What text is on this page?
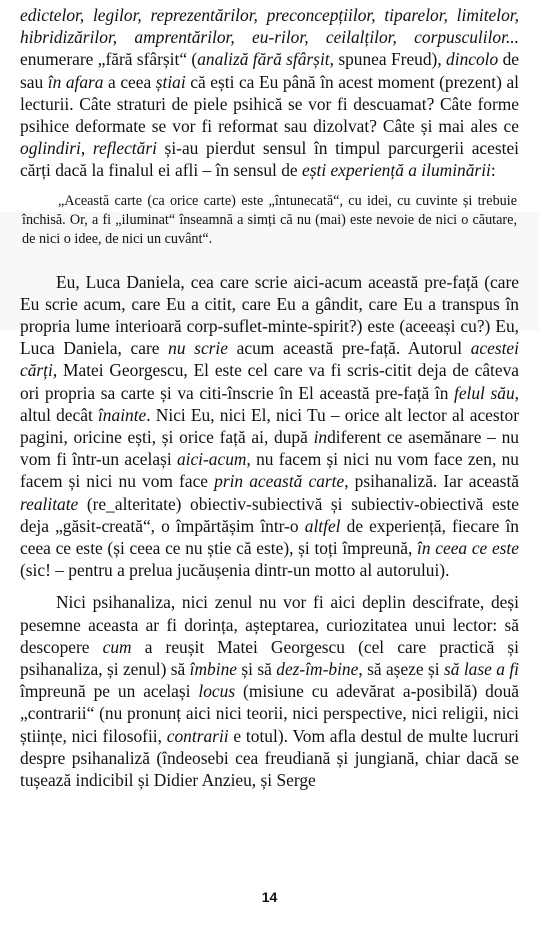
edictelor, legilor, reprezentărilor, preconcepțiilor, tiparelor, limitelor, hibridizărilor, amprentărilor, eu-rilor, ceilalților, corpusculilor... enumerare „fără sfârșit“ (analiză fără sfârșit, spunea Freud), dincolo de sau în afara a ceea știai că ești ca Eu până în acest moment (prezent) al lecturii. Câte straturi de piele psihică se vor fi descuamat? Câte forme psihice deformate se vor fi reformat sau dizolvat? Câte și mai ales ce oglindiri, reflectări și-au pierdut sensul în timpul parcurgerii acestei cărți dacă la finalul ei afli – în sensul de ești experiență a iluminării:

„Această carte (ca orice carte) este „întunecată“, cu idei, cu cuvinte și trebuie închisă. Or, a fi „iluminat“ înseamnă a simți că nu (mai) este nevoie de nici o căutare, de nici o idee, de nici un cuvânt“.

Eu, Luca Daniela, cea care scrie aici-acum această pre-față (care Eu scrie acum, care Eu a citit, care Eu a gândit, care Eu a transpus în propria lume interioară corp-suflet-minte-spirit?) este (aceeași cu?) Eu, Luca Daniela, care nu scrie acum această pre-față. Autorul acestei cărți, Matei Georgescu, El este cel care va fi scris-citit deja de câteva ori propria sa carte și va citi-înscrie în El această pre-față în felul său, altul decât înainte. Nici Eu, nici El, nici Tu – orice alt lector al acestor pagini, oricine ești, și orice față ai, după indiferent ce asemănare – nu vom fi într-un același aici-acum, nu facem și nici nu vom face zen, nu facem și nici nu vom face prin această carte, psihanaliză. Iar această realitate (re_alteritate) obiectiv-subiectivă și subiectiv-obiectivă este deja „găsit-creată“, o împărtășim într-o altfel de experiență, fiecare în ceea ce este (și ceea ce nu știe că este), și toți împreună, în ceea ce este (sic! – pentru a prelua jucăușenia dintr-un motto al autorului).

Nici psihanaliza, nici zenul nu vor fi aici deplin descifrate, deși pesemne aceasta ar fi dorința, așteptarea, curiozitatea unui lector: să descopere cum a reușit Matei Georgescu (cel care practică și psihanaliza, și zenul) să îmbine și să dez-îm-bine, să așeze și să lase a fi împreună pe un același locus (misiune cu adevărat a-posibilă) două „contrarii“ (nu pronunț aici nici teorii, nici perspective, nici religii, nici științe, nici filosofii, contrarii e totul). Vom afla destul de multe lucruri despre psihanaliză (îndeosebi cea freudiană și jungiană, chiar dacă se tușează indicibil și Didier Anzieu, și Serge

14
